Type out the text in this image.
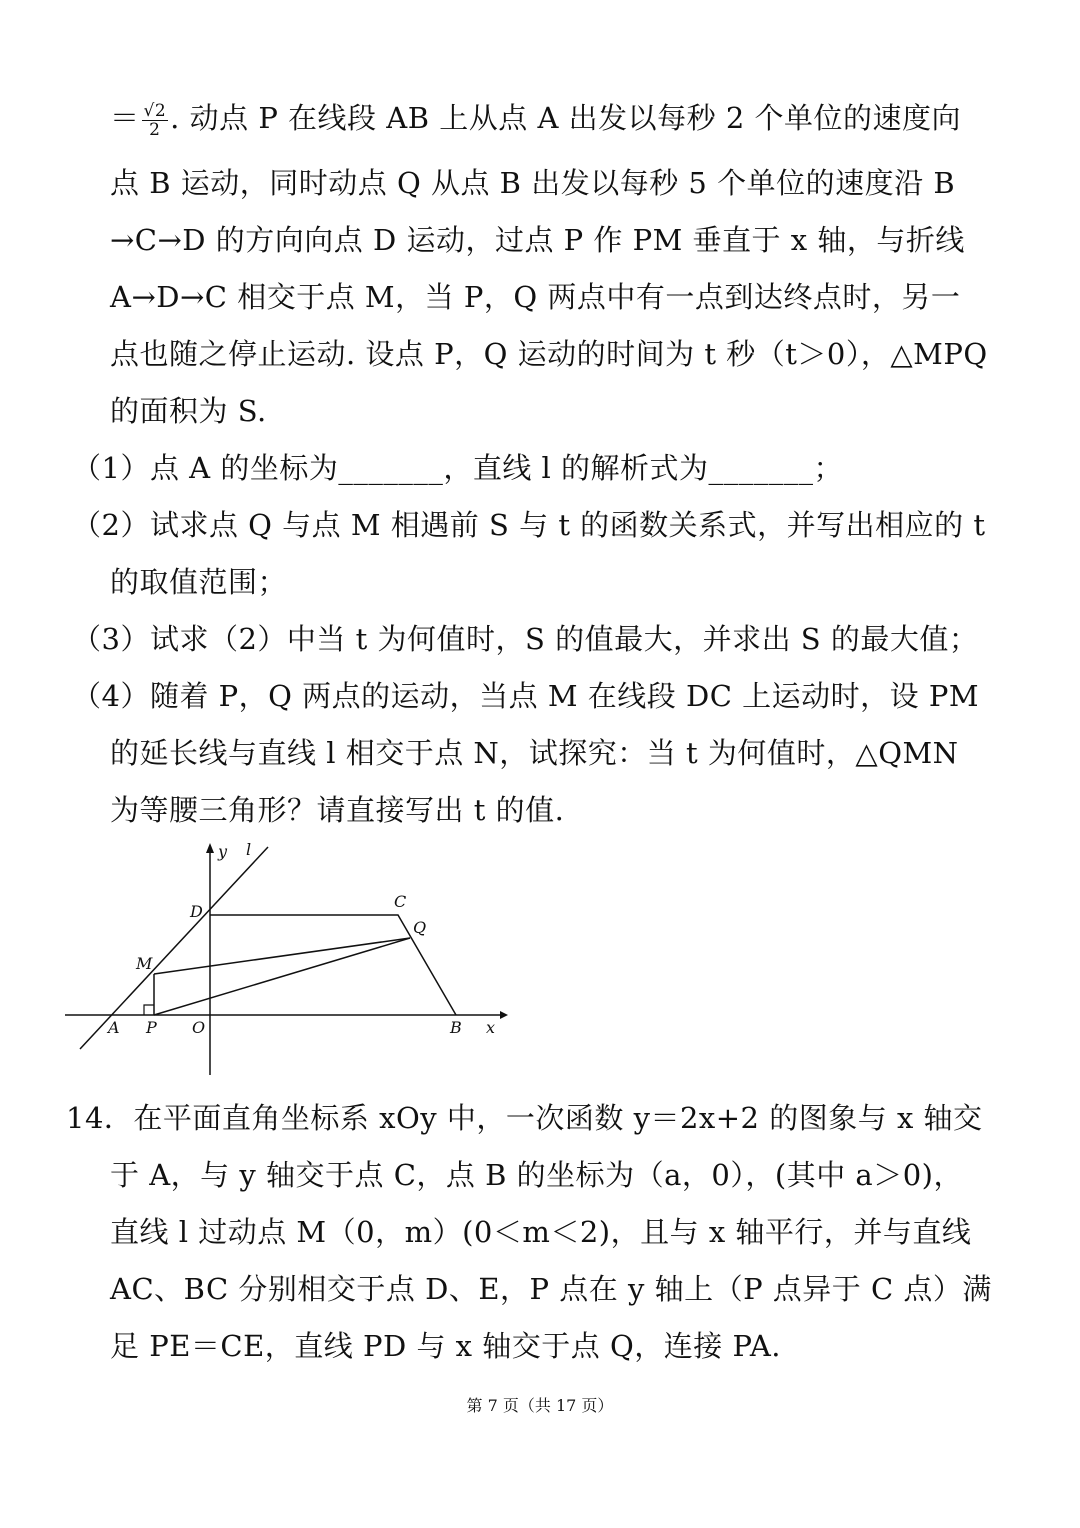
＝ $\frac{√2}{2}$ . 动点 P 在线段 AB 上从点 A 出发以每秒 2 个单位的速度向
点 B 运动，同时动点 Q 从点 B 出发以每秒 5 个单位的速度沿 B
→C→D 的方向向点 D 运动，过点 P 作 PM 垂直于 x 轴，与折线
A→D→C 相交于点 M，当 P，Q 两点中有一点到达终点时，另一
点也随之停止运动. 设点 P，Q 运动的时间为 t 秒（t＞0），△MPQ
的面积为 S.
（1）点 A 的坐标为_______，直线 l 的解析式为_______；
（2）试求点 Q 与点 M 相遇前 S 与 t 的函数关系式，并写出相应的 t
的取值范围；
（3）试求（2）中当 t 为何值时，S 的值最大，并求出 S 的最大值；
（4）随着 P，Q 两点的运动，当点 M 在线段 DC 上运动时，设 PM
的延长线与直线 l 相交于点 N，试探究：当 t 为何值时，△QMN
为等腰三角形？请直接写出 t 的值.
y l
D
C
Q
M
A P O	B x
14．在平面直角坐标系 xOy 中，一次函数 y＝2x+2 的图象与 x 轴交
于 A，与 y 轴交于点 C，点 B 的坐标为（a，0），(其中 a＞0)，
直线 l 过动点 M（0，m）(0＜m＜2)，且与 x 轴平行，并与直线
AC、BC 分别相交于点 D、E，P 点在 y 轴上（P 点异于 C 点）满
足 PE＝CE，直线 PD 与 x 轴交于点 Q，连接 PA.
第 7 页（共 17 页）
